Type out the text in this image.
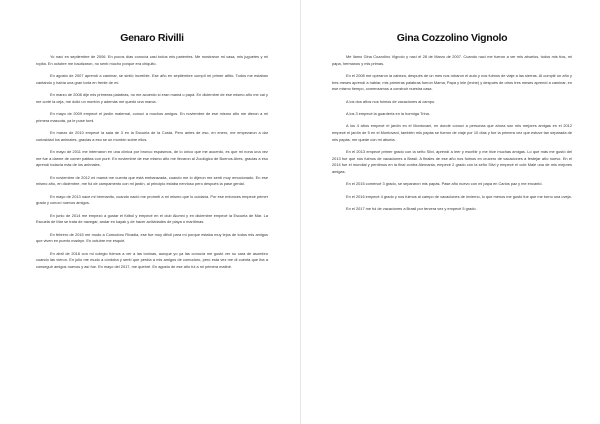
Genaro Rivilli

Yo nací en septiembre de 2006. En pocos días conocía casi todos mis parientes. Me mostraron mi casa, mis juguetes y mi ropita. En octubre me bautizaron, no sentí mucho porque era chiquito.

En agosto de 2007 aprendí a caminar, se sintió increíble. Ese año en septiembre cumplí mi primer añito. Todos me estaban cantando y había una gran torta en frente de mí.

En marzo de 2008 dije mis primeras palabras, no me acuerdo si eran mamá o papá. En diciembre de ese mismo año me caí y me corté la ceja, me dolió un montón y además me quedó una marca.

En mayo de 2009 empecé el jardín maternal, conocí a muchos amigos. En noviembre de ese mismo año me dieron a mi primera mascota, ya le puse tomi.

En marzo de 2010 empecé la sala de 3 en la Escuela de la Costa. Pero antes de eso, en enero, me empezaron a dar curiosidad los animales, gracias a eso se un montón sobre ellos.

En mayo de 2011 me internaron en una clínica por bronco espasmos, de lo único que me acuerdo, es que mi nona una vez me fue a darme de comer patitas con puré. En noviembre de ese mismo año me llevaron al Zoológico de Buenos Aires, gracias a eso aprendí todavía más de los animales.

En noviembre de 2012 mi mamá me cuenta que está embarazada, cuando me lo dijeron me sentí muy emocionado. En ese mismo año, en diciembre, me fui de campamento con mi jardín, al principio estaba nervioso pero después la pase genial.

En mayo de 2013 nace mi hermanito, cuando nació me prometí a mi mismo que lo cuidaría. Por ese entonces empecé primer grado y conocí nuevos amigos.

En junio de 2014 me empezó a gustar el fútbol y empecé en el club Alumni y en diciembre empecé la Escuela de Mar. La Escuela de Mar se trata de navegar, andar en kayak y de hacer actividades de playa o marítimas.

En febrero de 2015 me mudo a Comodoro Rivadia, ese fue muy difícil para mí porque estaba muy lejos de todos mis amigos que viven en puerto madryn. En octubre me esquié.

En abril de 2016 con mi colegio fuimos a ver a las toninas, aunque yo ya las conocía me gustó ver su cara de asombro cuando las vieron. En julio me mudo a córdoba y sentí que perdía a mis amigos de comodoro, pero esta vez me di cuenta que iba a conseguir amigos nuevos y así fue. En mayo del 2017, me quebré. En agosto de ese año fui a mi primera matiné.

Gina Cozzolino Vignolo

Me llamo Gina Cozzolino Vignolo y nací el 28 de Marzo de 2007. Cuando nací me fueron a ver mis abuelos, todos mis tíos, mi papa, hermanos y mis primas.

En el 2008 me operaron la cabeza, después de un mes nos robaron el auto y nos fuimos de viaje a las sierras. Al cumplir un año y tres meses aprendí a hablar, mis primeras palabras fueron Mama, Papa y lele (leche) y después de otros tres meses aprendí a caminar, en ese mismo tiempo, comenzamos a construir nuestra casa.

A los dos años nos fuimos de vacaciones al campo.

A los 3 empecé la guardería en la hormiga Trina.

A los 4 años empecé el jardín en el Montovani, en donde conocí a personas que ahora son mis mejores amigas en el 2012 empecé el jardín de 5 en el Montovani, también mis papás se fueron de viaje por 10 días y fue la primera vez que estuve tan separada de mis papás, me quede con mi abuela.

En el 2013 empecé primer grado con la seño Silvi, aprendí a leer y escribir y me hice muchas amigas. Lo que más me gustó del 2013 fue que nos fuimos de vacaciones a Brasil. A finales de ese año nos fuimos en crucero de vacaciones a festejar año nuevo. En el 2014 fue el mundial y perdimos en la final contra Alemania, empecé 2 grado con la seño Silvi y empecé el cole Malé una de mis mejores amigas.

En el 2015 comencé 3 grado, se separaron mis papás. Pase año nuevo con mi papa en Carlos paz y me encantó.

En el 2016 empecé 4 grado y nos fuimos al campo de vacaciones de invierno, lo que menos me gustó fue que me torno una oveja.

En el 2017 me fui de vacaciones a Brasil por tercera vez y empecé 5 grado.
